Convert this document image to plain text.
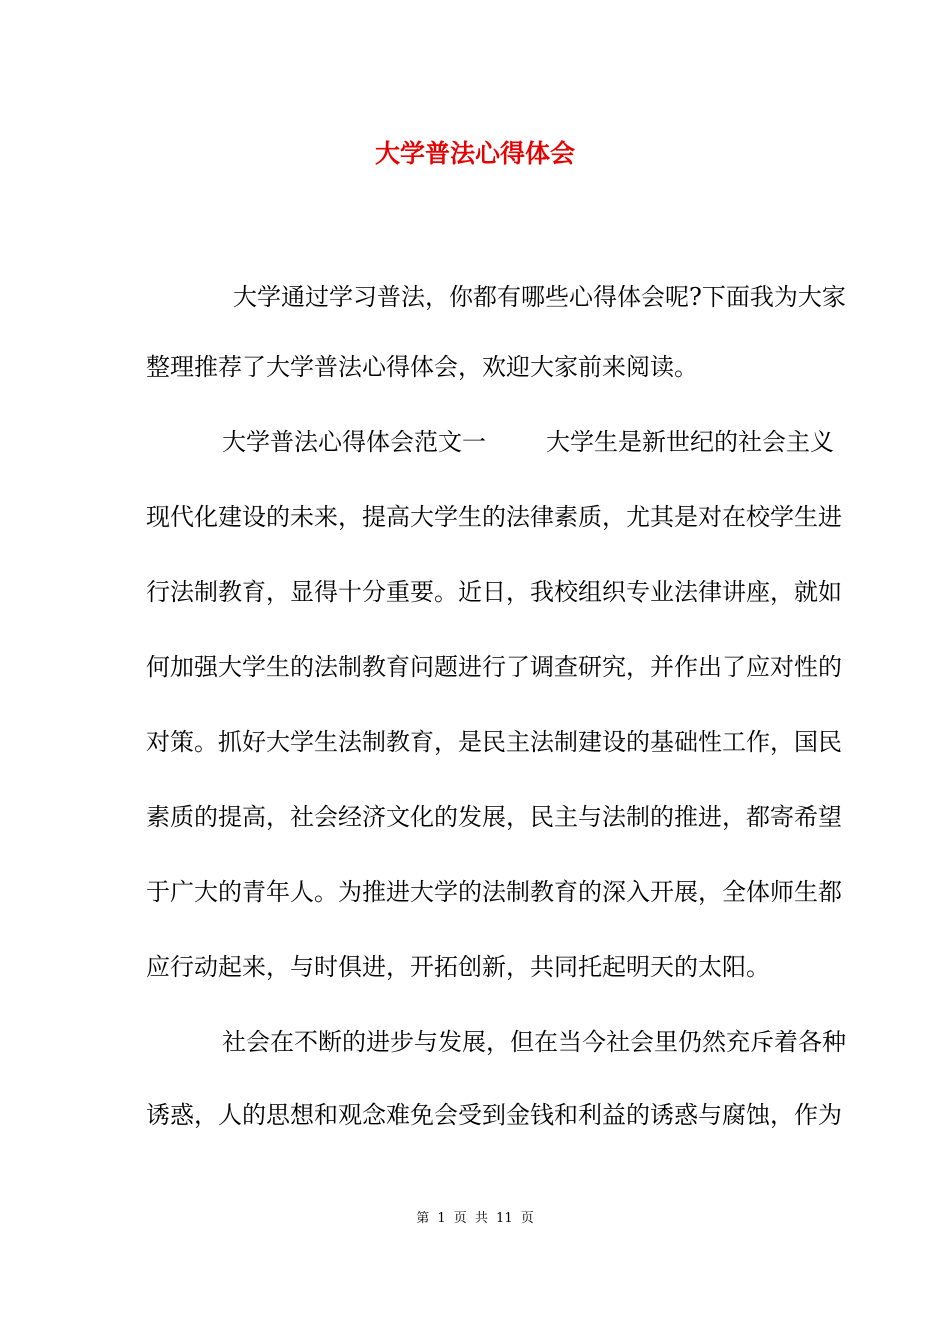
大学普法心得体会
大学通过学习普法，你都有哪些心得体会呢?下面我为大家
整理推荐了大学普法心得体会，欢迎大家前来阅读。
大学普法心得体会范文一	大学生是新世纪的社会主义
现代化建设的未来，提高大学生的法律素质，尤其是对在校学生进
行法制教育，显得十分重要。近日，我校组织专业法律讲座，就如
何加强大学生的法制教育问题进行了调查研究，并作出了应对性的
对策。抓好大学生法制教育，是民主法制建设的基础性工作，国民
素质的提高，社会经济文化的发展，民主与法制的推进，都寄希望
于广大的青年人。为推进大学的法制教育的深入开展，全体师生都
应行动起来，与时俱进，开拓创新，共同托起明天的太阳。
社会在不断的进步与发展，但在当今社会里仍然充斥着各种
诱惑，人的思想和观念难免会受到金钱和利益的诱惑与腐蚀，作为
第 1 页 共 11 页
